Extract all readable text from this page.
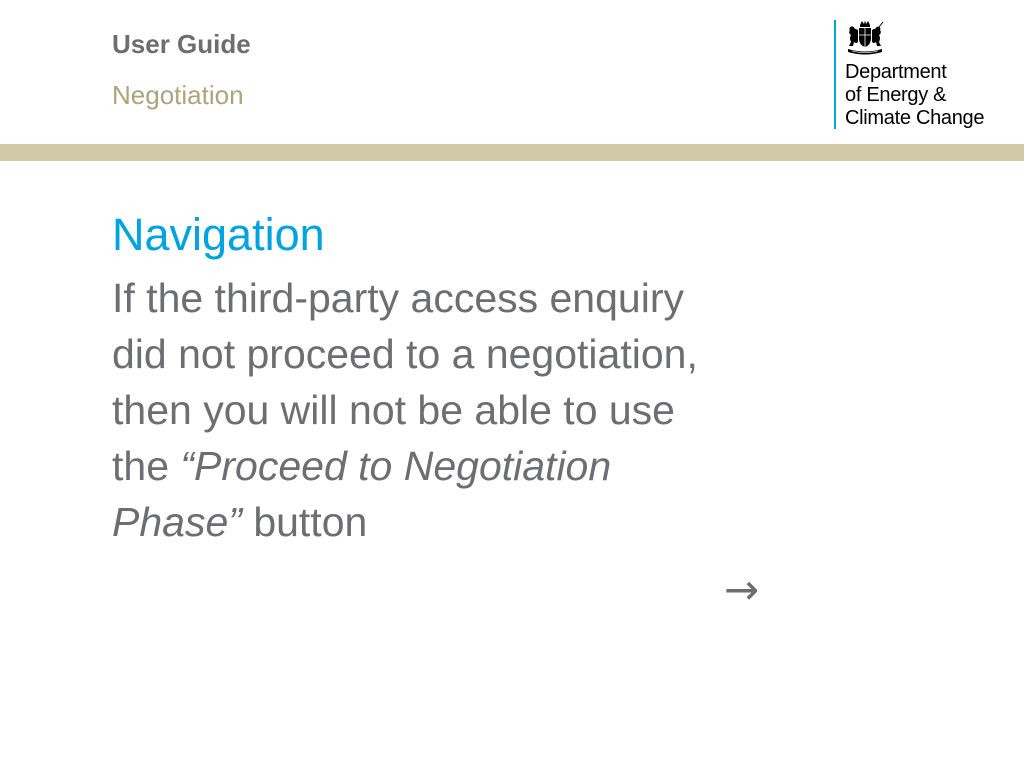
User Guide
Negotiation
Department
of Energy &
Climate Change
Navigation
If the third-party access enquiry
did not proceed to a negotiation,
then you will not be able to use
the “Proceed to Negotiation
Phase” button
→
